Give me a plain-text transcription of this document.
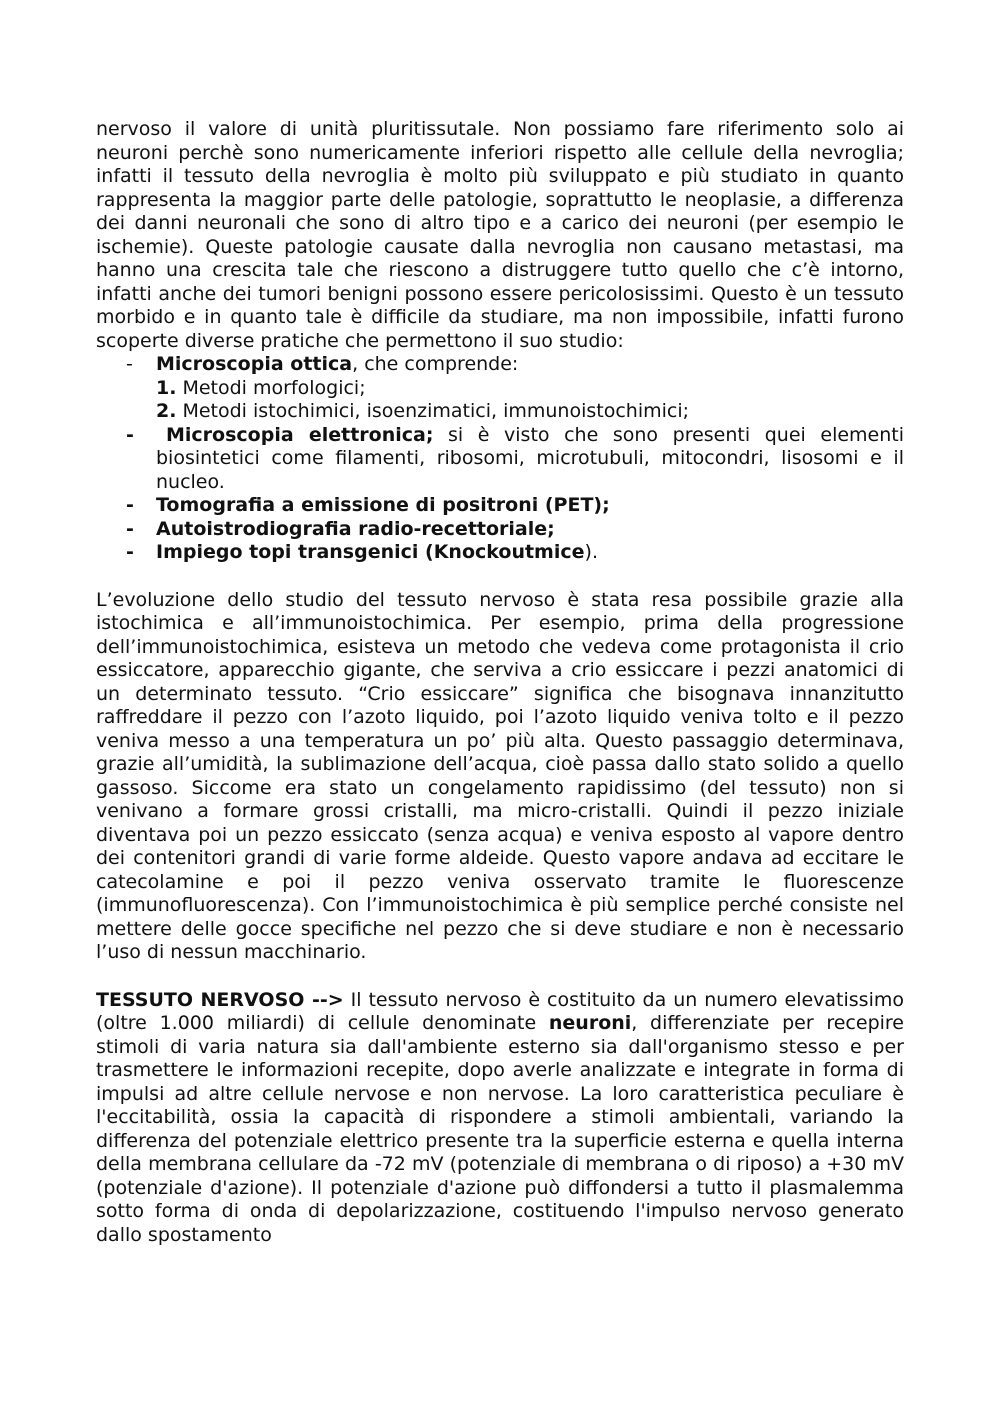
nervoso il valore di unità pluritissutale. Non possiamo fare riferimento solo ai neuroni perchè sono numericamente inferiori rispetto alle cellule della nevroglia; infatti il tessuto della nevroglia è molto più sviluppato e più studiato in quanto rappresenta la maggior parte delle patologie, soprattutto le neoplasie, a differenza dei danni neuronali che sono di altro tipo e a carico dei neuroni (per esempio le ischemie). Queste patologie causate dalla nevroglia non causano metastasi, ma hanno una crescita tale che riescono a distruggere tutto quello che c’è intorno, infatti anche dei tumori benigni possono essere pericolosissimi. Questo è un tessuto morbido e in quanto tale è difficile da studiare, ma non impossibile, infatti furono scoperte diverse pratiche che permettono il suo studio:

- Microscopia ottica, che comprende:
1. Metodi morfologici;
2. Metodi istochimici, isoenzimatici, immunoistochimici;
- Microscopia elettronica; si è visto che sono presenti quei elementi biosintetici come filamenti, ribosomi, microtubuli, mitocondri, lisosomi e il nucleo.
- Tomografia a emissione di positroni (PET);
- Autoistrodiografia radio-recettoriale;
- Impiego topi transgenici (Knockoutmice).

L’evoluzione dello studio del tessuto nervoso è stata resa possibile grazie alla istochimica e all’immunoistochimica. Per esempio, prima della progressione dell’immunoistochimica, esisteva un metodo che vedeva come protagonista il crio essiccatore, apparecchio gigante, che serviva a crio essiccare i pezzi anatomici di un determinato tessuto. “Crio essiccare” significa che bisognava innanzitutto raffreddare il pezzo con l’azoto liquido, poi l’azoto liquido veniva tolto e il pezzo veniva messo a una temperatura un po’ più alta. Questo passaggio determinava, grazie all’umidità, la sublimazione dell’acqua, cioè passa dallo stato solido a quello gassoso. Siccome era stato un congelamento rapidissimo (del tessuto) non si venivano a formare grossi cristalli, ma micro-cristalli. Quindi il pezzo iniziale diventava poi un pezzo essiccato (senza acqua) e veniva esposto al vapore dentro dei contenitori grandi di varie forme aldeide. Questo vapore andava ad eccitare le catecolamine e poi il pezzo veniva osservato tramite le fluorescenze (immunofluorescenza). Con l’immunoistochimica è più semplice perché consiste nel mettere delle gocce specifiche nel pezzo che si deve studiare e non è necessario l’uso di nessun macchinario.

TESSUTO NERVOSO --> Il tessuto nervoso è costituito da un numero elevatissimo (oltre 1.000 miliardi) di cellule denominate neuroni, differenziate per recepire stimoli di varia natura sia dall'ambiente esterno sia dall'organismo stesso e per trasmettere le informazioni recepite, dopo averle analizzate e integrate in forma di impulsi ad altre cellule nervose e non nervose. La loro caratteristica peculiare è l'eccitabilità, ossia la capacità di rispondere a stimoli ambientali, variando la differenza del potenziale elettrico presente tra la superficie esterna e quella interna della membrana cellulare da -72 mV (potenziale di membrana o di riposo) a +30 mV (potenziale d'azione). Il potenziale d'azione può diffondersi a tutto il plasmalemma sotto forma di onda di depolarizzazione, costituendo l'impulso nervoso generato dallo spostamento
